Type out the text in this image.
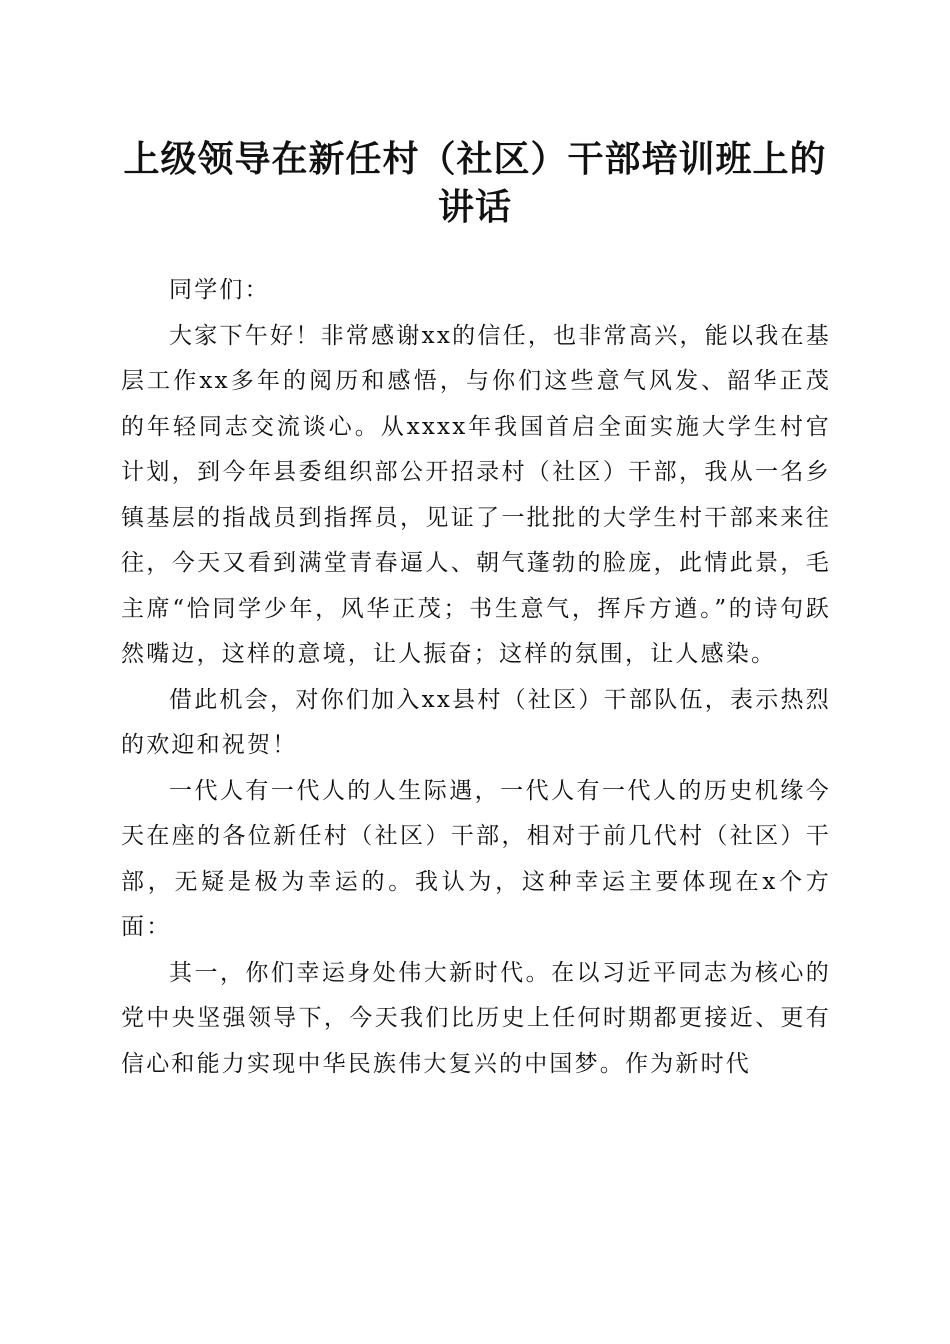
上级领导在新任村（社区）干部培训班上的讲话

同学们：

大家下午好！非常感谢xx的信任，也非常高兴，能以我在基层工作xx多年的阅历和感悟，与你们这些意气风发、韶华正茂的年轻同志交流谈心。从xxxx年我国首启全面实施大学生村官计划，到今年县委组织部公开招录村（社区）干部，我从一名乡镇基层的指战员到指挥员，见证了一批批的大学生村干部来来往往，今天又看到满堂青春逼人、朝气蓬勃的脸庞，此情此景，毛主席“恰同学少年，风华正茂；书生意气，挥斥方遒。”的诗句跃然嘴边，这样的意境，让人振奋；这样的氛围，让人感染。

借此机会，对你们加入xx县村（社区）干部队伍，表示热烈的欢迎和祝贺！

一代人有一代人的人生际遇，一代人有一代人的历史机缘今天在座的各位新任村（社区）干部，相对于前几代村（社区）干部，无疑是极为幸运的。我认为，这种幸运主要体现在x个方面：

其一，你们幸运身处伟大新时代。在以习近平同志为核心的党中央坚强领导下，今天我们比历史上任何时期都更接近、更有信心和能力实现中华民族伟大复兴的中国梦。作为新时代
